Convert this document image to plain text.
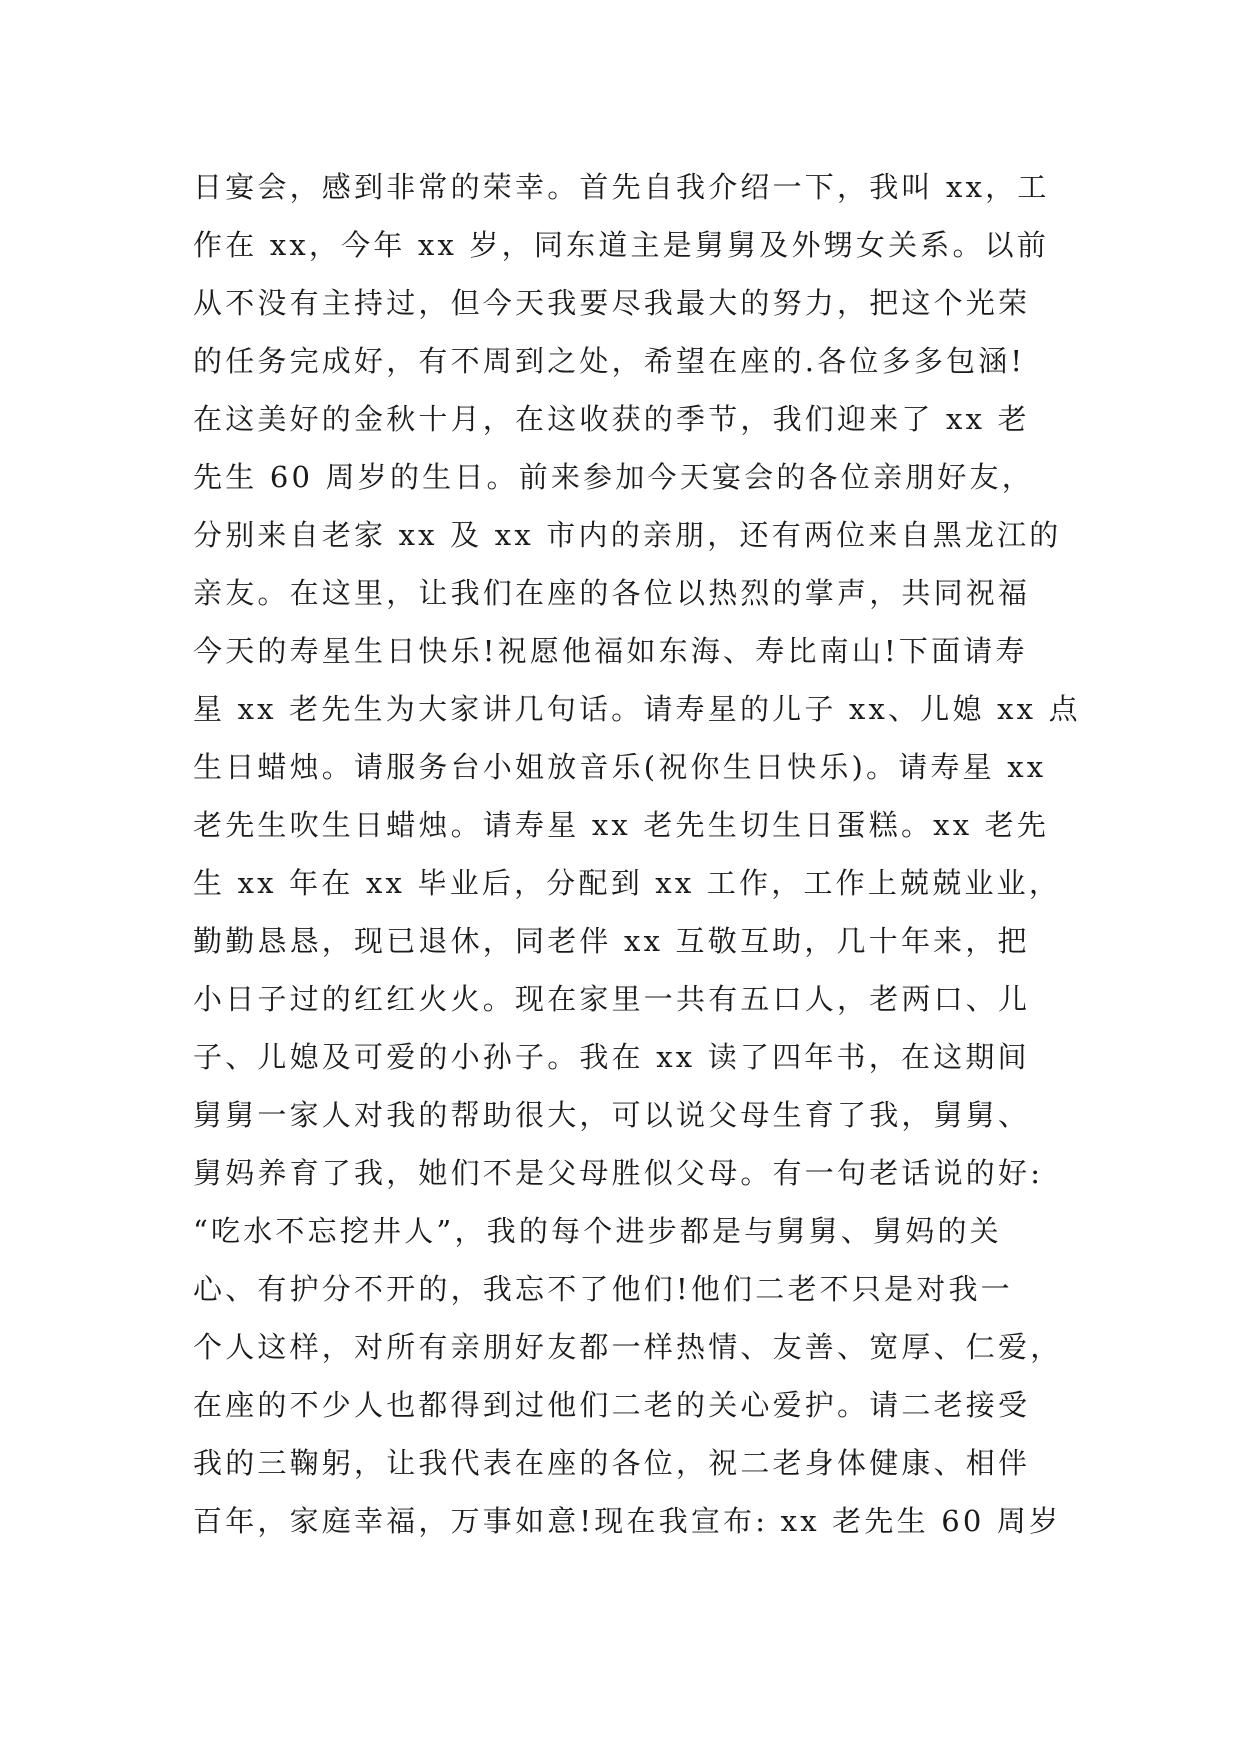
日宴会，感到非常的荣幸。首先自我介绍一下，我叫 xx，工
作在 xx，今年 xx 岁，同东道主是舅舅及外甥女关系。以前
从不没有主持过，但今天我要尽我最大的努力，把这个光荣
的任务完成好，有不周到之处，希望在座的.各位多多包涵!
在这美好的金秋十月，在这收获的季节，我们迎来了 xx 老
先生 60 周岁的生日。前来参加今天宴会的各位亲朋好友，
分别来自老家 xx 及 xx 市内的亲朋，还有两位来自黑龙江的
亲友。在这里，让我们在座的各位以热烈的掌声，共同祝福
今天的寿星生日快乐!祝愿他福如东海、寿比南山!下面请寿
星 xx 老先生为大家讲几句话。请寿星的儿子 xx、儿媳 xx 点
生日蜡烛。请服务台小姐放音乐(祝你生日快乐)。请寿星 xx
老先生吹生日蜡烛。请寿星 xx 老先生切生日蛋糕。xx 老先
生 xx 年在 xx 毕业后，分配到 xx 工作，工作上兢兢业业，
勤勤恳恳，现已退休，同老伴 xx 互敬互助，几十年来，把
小日子过的红红火火。现在家里一共有五口人，老两口、儿
子、儿媳及可爱的小孙子。我在 xx 读了四年书，在这期间
舅舅一家人对我的帮助很大，可以说父母生育了我，舅舅、
舅妈养育了我，她们不是父母胜似父母。有一句老话说的好:
“吃水不忘挖井人”，我的每个进步都是与舅舅、舅妈的关
心、有护分不开的，我忘不了他们!他们二老不只是对我一
个人这样，对所有亲朋好友都一样热情、友善、宽厚、仁爱，
在座的不少人也都得到过他们二老的关心爱护。请二老接受
我的三鞠躬，让我代表在座的各位，祝二老身体健康、相伴
百年，家庭幸福，万事如意!现在我宣布: xx 老先生 60 周岁
